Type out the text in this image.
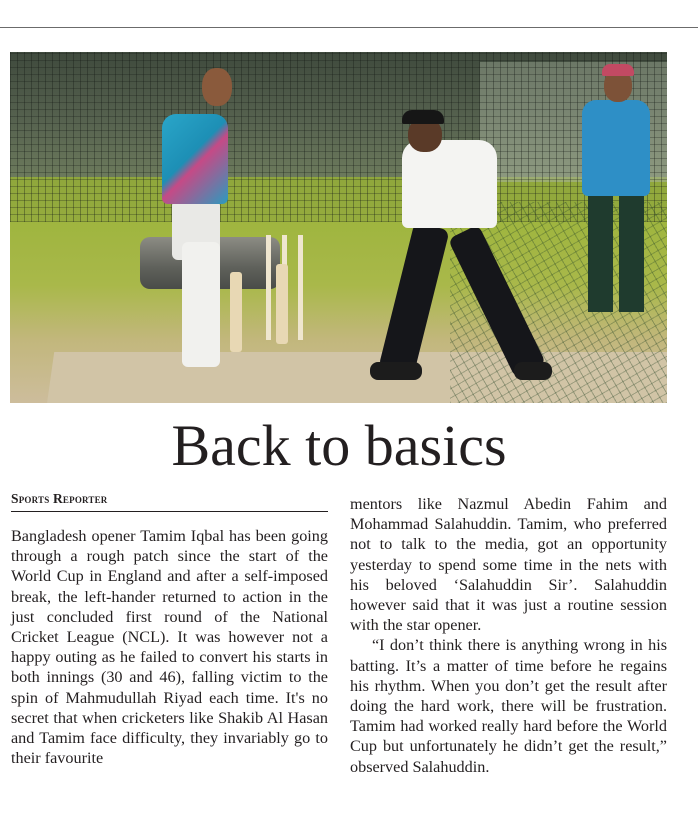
Back to basics
Sports Reporter

Bangladesh opener Tamim Iqbal has been going through a rough patch since the start of the World Cup in England and after a self-imposed break, the left-hander returned to action in the just concluded first round of the National Cricket League (NCL). It was however not a happy outing as he failed to convert his starts in both innings (30 and 46), falling victim to the spin of Mahmudullah Riyad each time. It's no secret that when cricketers like Shakib Al Hasan and Tamim face difficulty, they invariably go to their favourite

mentors like Nazmul Abedin Fahim and Mohammad Salahuddin. Tamim, who preferred not to talk to the media, got an opportunity yesterday to spend some time in the nets with his beloved ‘Salahuddin Sir’. Salahuddin however said that it was just a routine session with the star opener.

“I don’t think there is anything wrong in his batting. It’s a matter of time before he regains his rhythm. When you don’t get the result after doing the hard work, there will be frustration. Tamim had worked really hard before the World Cup but unfortunately he didn’t get the result,” observed Salahuddin.
